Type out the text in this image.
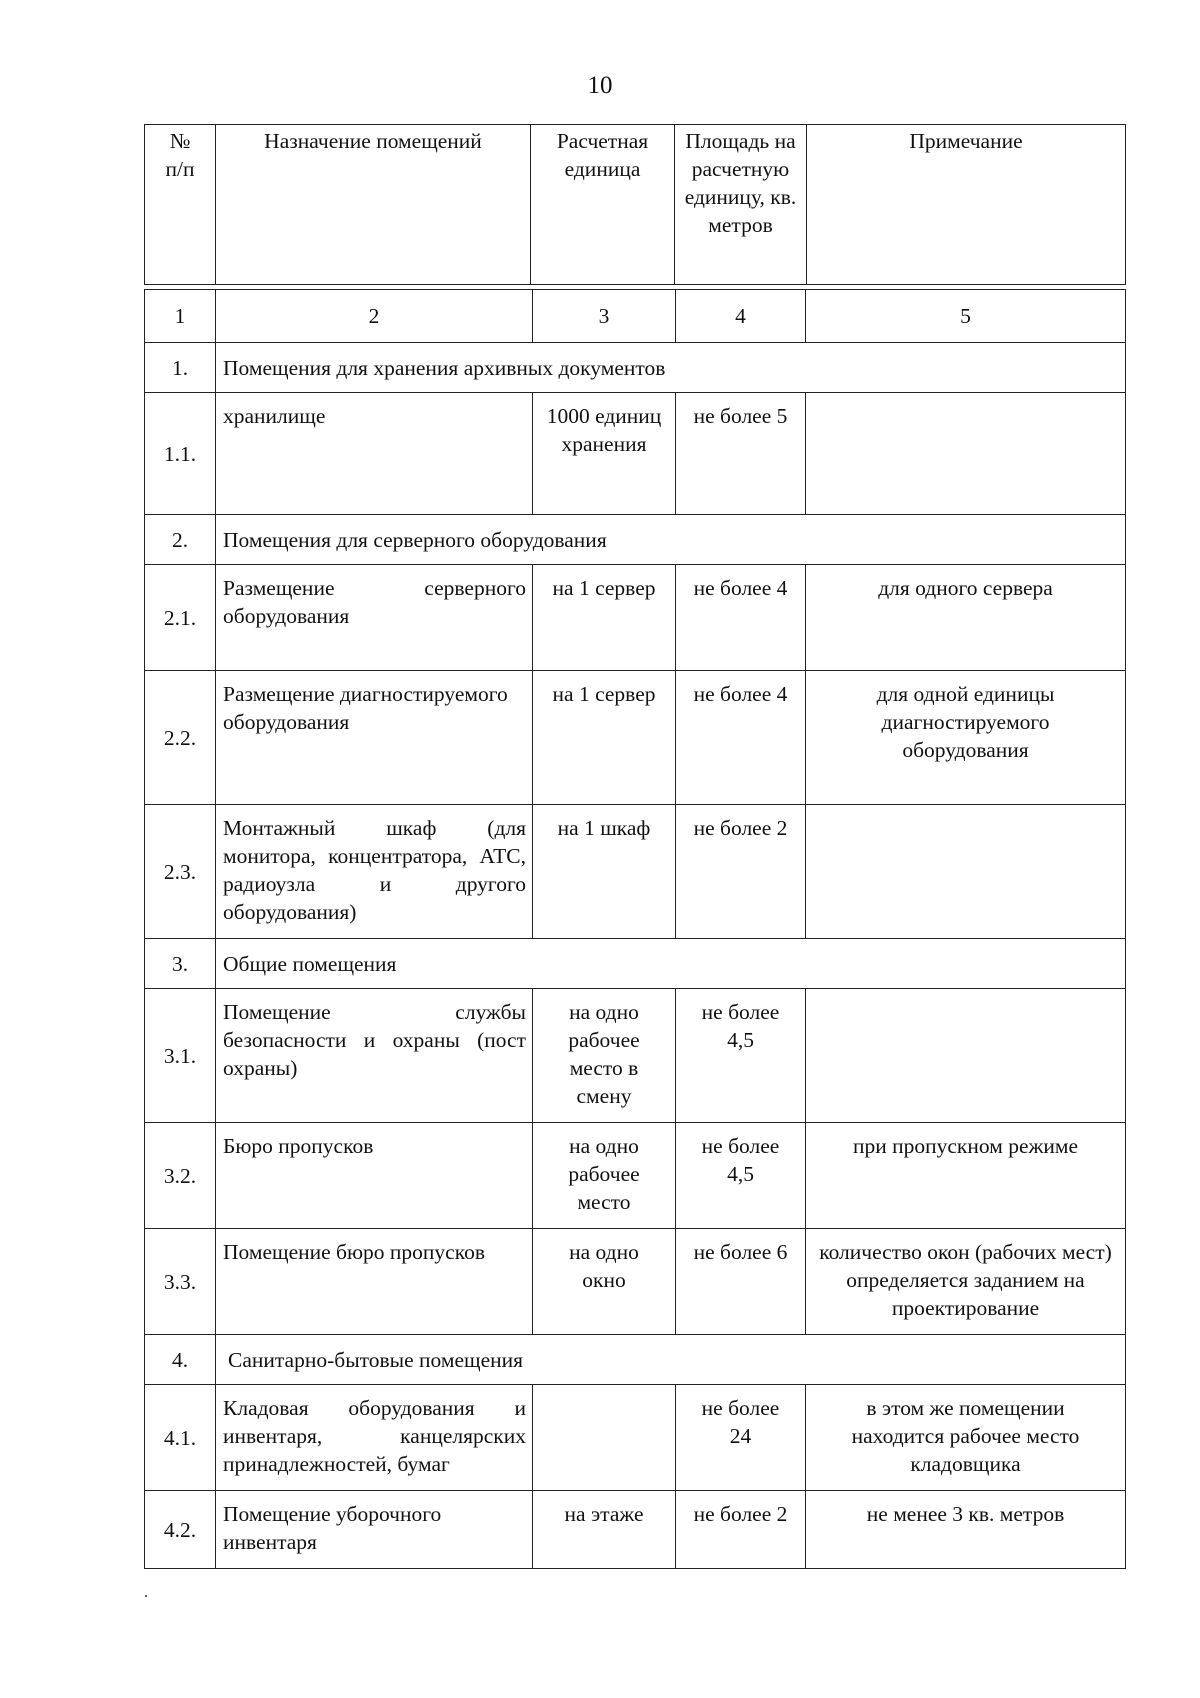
10
№ п/п	Назначение помещений	Расчетная единица	Площадь на расчетную единицу, кв. метров	Примечание
1	2	3	4	5
1.	Помещения для хранения архивных документов			
1.1.	хранилище	1000 единиц хранения	не более 5	
2.	Помещения для серверного оборудования			
2.1.	Размещение серверного оборудования	на 1 сервер	не более 4	для одного сервера
2.2.	Размещение диагностируемого оборудования	на 1 сервер	не более 4	для одной единицы диагностируемого оборудования
2.3.	Монтажный шкаф (для монитора, концентратора, АТС, радиоузла и другого оборудования)	на 1 шкаф	не более 2	
3.	Общие помещения			
3.1.	Помещение службы безопасности и охраны (пост охраны)	на одно рабочее место в смену	не более 4,5	
3.2.	Бюро пропусков	на одно рабочее место	не более 4,5	при пропускном режиме
3.3.	Помещение бюро пропусков	на одно окно	не более 6	количество окон (рабочих мест) определяется заданием на проектирование
4.	Санитарно-бытовые помещения			
4.1.	Кладовая оборудования и инвентаря, канцелярских принадлежностей, бумаг		не более 24	в этом же помещении находится рабочее место кладовщика
4.2.	Помещение уборочного инвентаря	на этаже	не более 2	не менее 3 кв. метров
.
